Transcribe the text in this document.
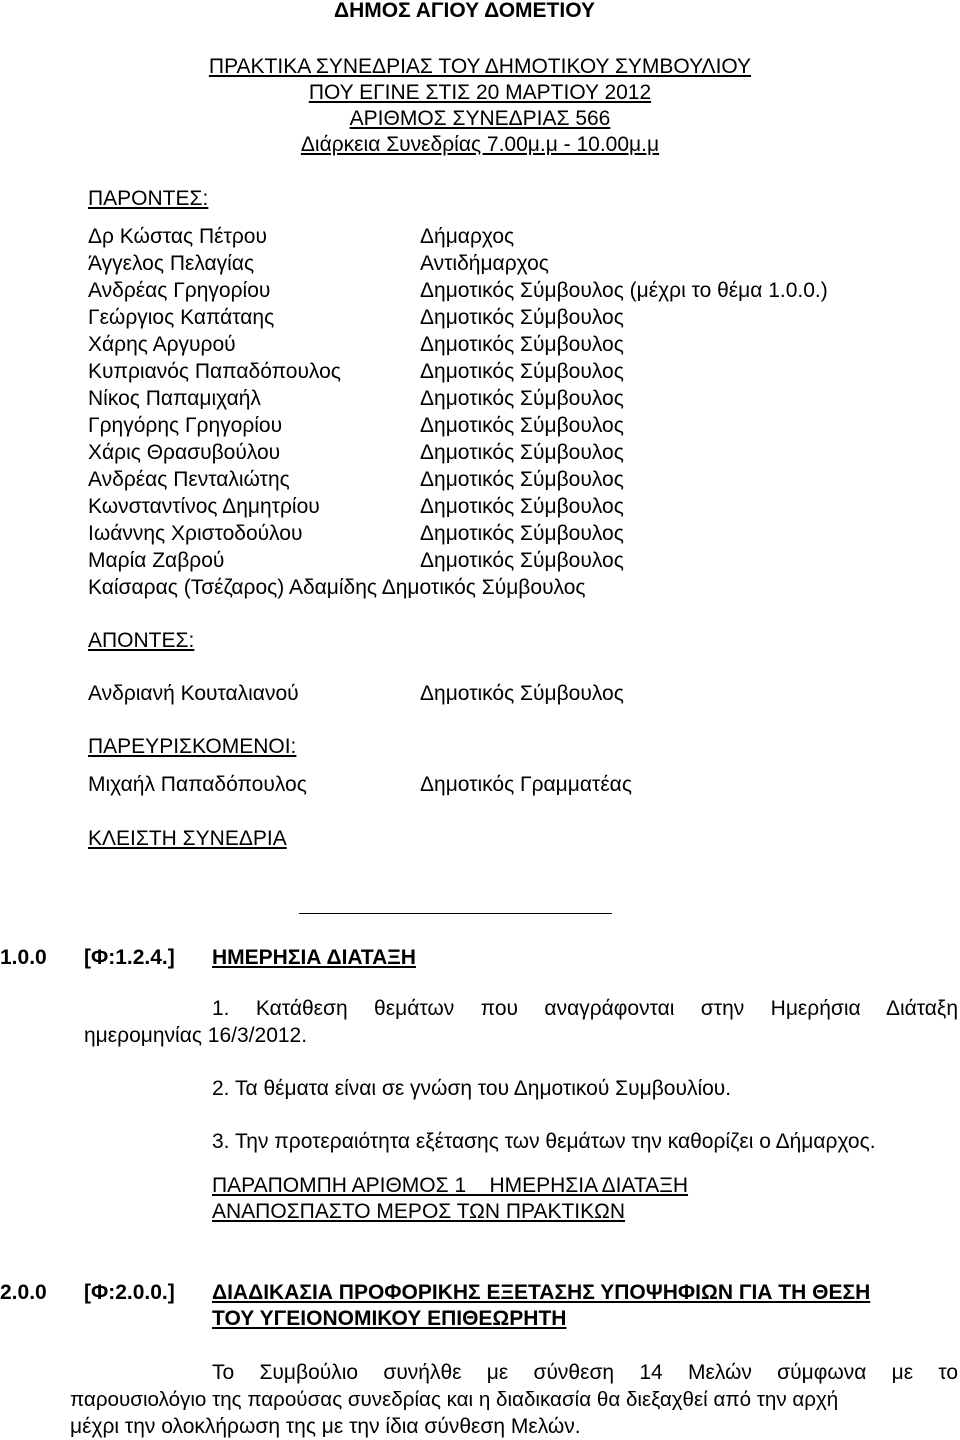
ΔΗΜΟΣ ΑΓΙΟΥ ΔΟΜΕΤΙΟΥ
ΠΡΑΚΤΙΚΑ ΣΥΝΕΔΡΙΑΣ ΤΟΥ ΔΗΜΟΤΙΚΟΥ ΣΥΜΒΟΥΛΙΟΥ
ΠΟΥ ΕΓΙΝΕ ΣΤΙΣ 20 ΜΑΡΤΙΟΥ 2012
ΑΡΙΘΜΟΣ ΣΥΝΕΔΡΙΑΣ 566
Διάρκεια Συνεδρίας 7.00μ.μ - 10.00μ.μ
ΠΑΡΟΝΤΕΣ:
Δρ Κώστας Πέτρου	Δήμαρχος
Άγγελος Πελαγίας	Αντιδήμαρχος
Ανδρέας Γρηγορίου	Δημοτικός Σύμβουλος (μέχρι το θέμα 1.0.0.)
Γεώργιος Καπάταης	Δημοτικός Σύμβουλος
Χάρης Αργυρού	Δημοτικός Σύμβουλος
Κυπριανός Παπαδόπουλος	Δημοτικός Σύμβουλος
Νίκος Παπαμιχαήλ	Δημοτικός Σύμβουλος
Γρηγόρης Γρηγορίου	Δημοτικός Σύμβουλος
Χάρις Θρασυβούλου	Δημοτικός Σύμβουλος
Ανδρέας Πενταλιώτης	Δημοτικός Σύμβουλος
Κωνσταντίνος Δημητρίου	Δημοτικός Σύμβουλος
Ιωάννης Χριστοδούλου	Δημοτικός Σύμβουλος
Μαρία Ζαβρού	Δημοτικός Σύμβουλος
Καίσαρας (Τσέζαρος) Αδαμίδης Δημοτικός Σύμβουλος
ΑΠΟΝΤΕΣ:
Ανδριανή Κουταλιανού	Δημοτικός Σύμβουλος
ΠΑΡΕΥΡΙΣΚΟΜΕΝΟΙ:
Μιχαήλ Παπαδόπουλος	Δημοτικός Γραμματέας
ΚΛΕΙΣΤΗ ΣΥΝΕΔΡΙΑ
1.0.0 [Φ:1.2.4.] ΗΜΕΡΗΣΙΑ ΔΙΑΤΑΞΗ
1. Κατάθεση θεμάτων που αναγράφονται στην Ημερήσια Διάταξη
ημερομηνίας 16/3/2012.
2. Τα θέματα είναι σε γνώση του Δημοτικού Συμβουλίου.
3. Την προτεραιότητα εξέτασης των θεμάτων την καθορίζει ο Δήμαρχος.
ΠΑΡΑΠΟΜΠΗ ΑΡΙΘΜΟΣ 1    ΗΜΕΡΗΣΙΑ ΔΙΑΤΑΞΗ
ΑΝΑΠΟΣΠΑΣΤΟ ΜΕΡΟΣ ΤΩΝ ΠΡΑΚΤΙΚΩΝ
2.0.0 [Φ:2.0.0.] ΔΙΑΔΙΚΑΣΙΑ ΠΡΟΦΟΡΙΚΗΣ ΕΞΕΤΑΣΗΣ ΥΠΟΨΗΦΙΩΝ ΓΙΑ ΤΗ ΘΕΣΗ
ΤΟΥ ΥΓΕΙΟΝΟΜΙΚΟΥ ΕΠΙΘΕΩΡΗΤΗ
Το Συμβούλιο συνήλθε με σύνθεση 14 Μελών σύμφωνα με το
παρουσιολόγιο της παρούσας συνεδρίας και η διαδικασία θα διεξαχθεί από την αρχή
μέχρι την ολοκλήρωση της με την ίδια σύνθεση Μελών.
